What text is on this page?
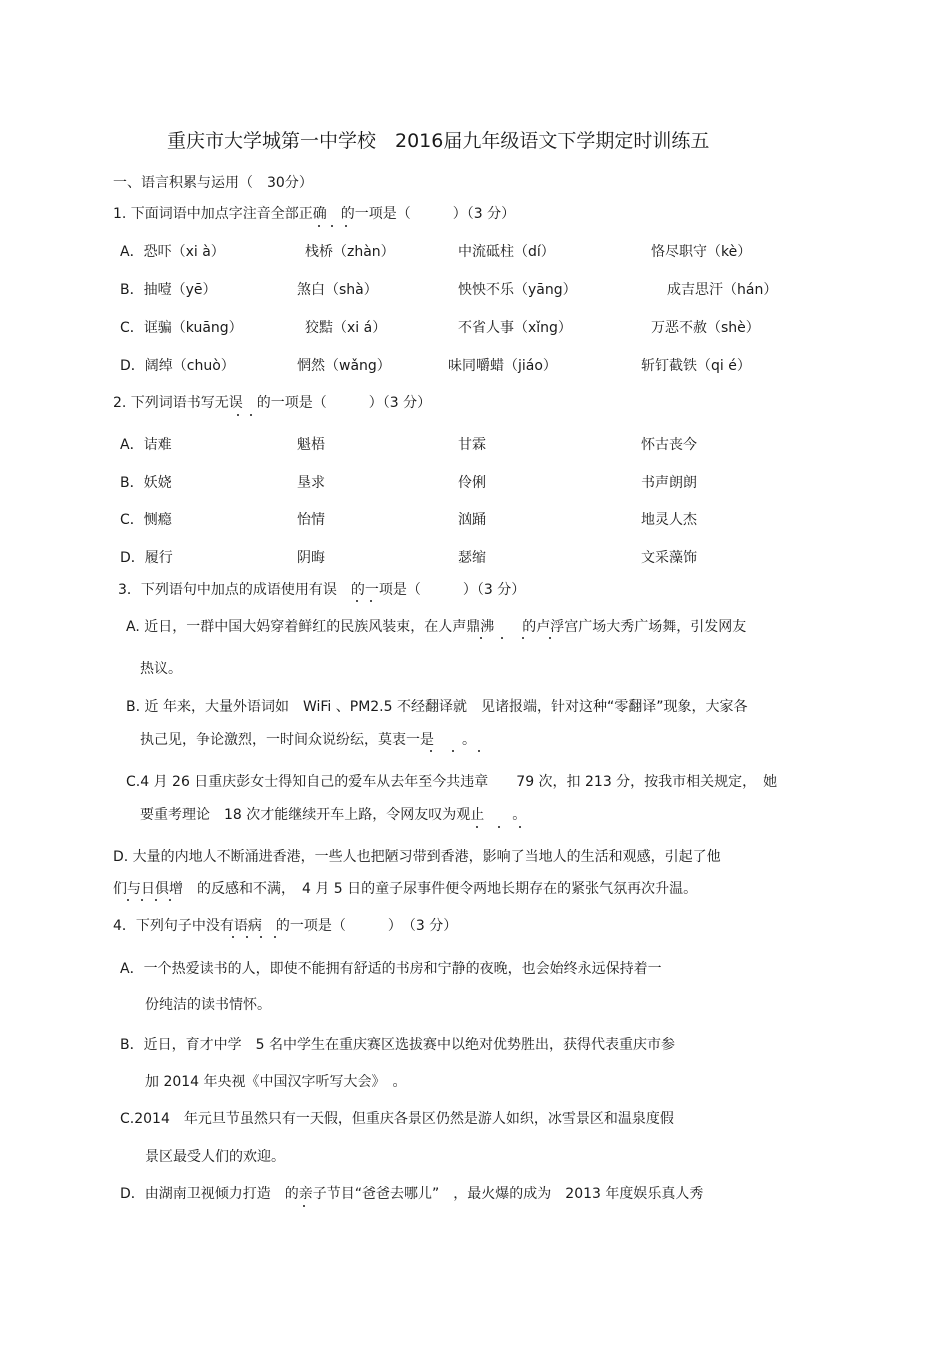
重庆市大学城第一中学校　2016届九年级语文下学期定时训练五
一、语言积累与运用（　30分）
1. 下面词语中加点字注音全部正确　的一项是（　　　）（3 分）
A．恐吓（xi à）	栈桥（zhàn）	中流砥柱（dí）	恪尽职守（kè）
B．抽噎（yē）	煞白（shà）	怏怏不乐（yāng）	成吉思汗（hán）
C．诓骗（kuāng）	狡黠（xi á）	不省人事（xǐng）	万恶不赦（shè）
D．阔绰（chuò）	惘然（wǎng）	味同嚼蜡（jiáo）	斩钉截铁（qi é）
2. 下列词语书写无误　的一项是（　　　）（3 分）
A．诘难	魁梧	甘霖	怀古丧今
B．妖娆	垦求	伶俐	书声朗朗
C．恻瘾	怡情	汹踊	地灵人杰
D．履行	阴晦	瑟缩	文采藻饰
3．下列语句中加点的成语使用有误　的一项是（　　　）（3 分）
A. 近日，一群中国大妈穿着鲜红的民族风装束，在人声鼎沸　　的卢浮宫广场大秀广场舞，引发网友
热议。
B. 近 年来，大量外语词如　WiFi 、PM2.5 不经翻译就　见诸报端，针对这种“零翻译”现象，大家各
执己见，争论激烈，一时间众说纷纭，莫衷一是　　。
C.4 月 26 日重庆彭女士得知自己的爱车从去年至今共违章　　79 次，扣 213 分，按我市相关规定，　她
要重考理论　18 次才能继续开车上路，令网友叹为观止　　。
D. 大量的内地人不断涌进香港，一些人也把陋习带到香港，影响了当地人的生活和观感，引起了他
们与日俱增　的反感和不满，　4 月 5 日的童子尿事件便令两地长期存在的紧张气氛再次升温。
4．下列句子中没有语病　的一项是（　　　）　（3 分）
A．一个热爱读书的人，即使不能拥有舒适的书房和宁静的夜晚，也会始终永远保持着一
份纯洁的读书情怀。
B．近日，育才中学　5 名中学生在重庆赛区选拔赛中以绝对优势胜出，获得代表重庆市参
加 2014 年央视《中国汉字听写大会》　。
C.2014　年元旦节虽然只有一天假，但重庆各景区仍然是游人如织，冰雪景区和温泉度假
景区最受人们的欢迎。
D．由湖南卫视倾力打造　的亲子节目“爸爸去哪儿”　，最火爆的成为　2013 年度娱乐真人秀
